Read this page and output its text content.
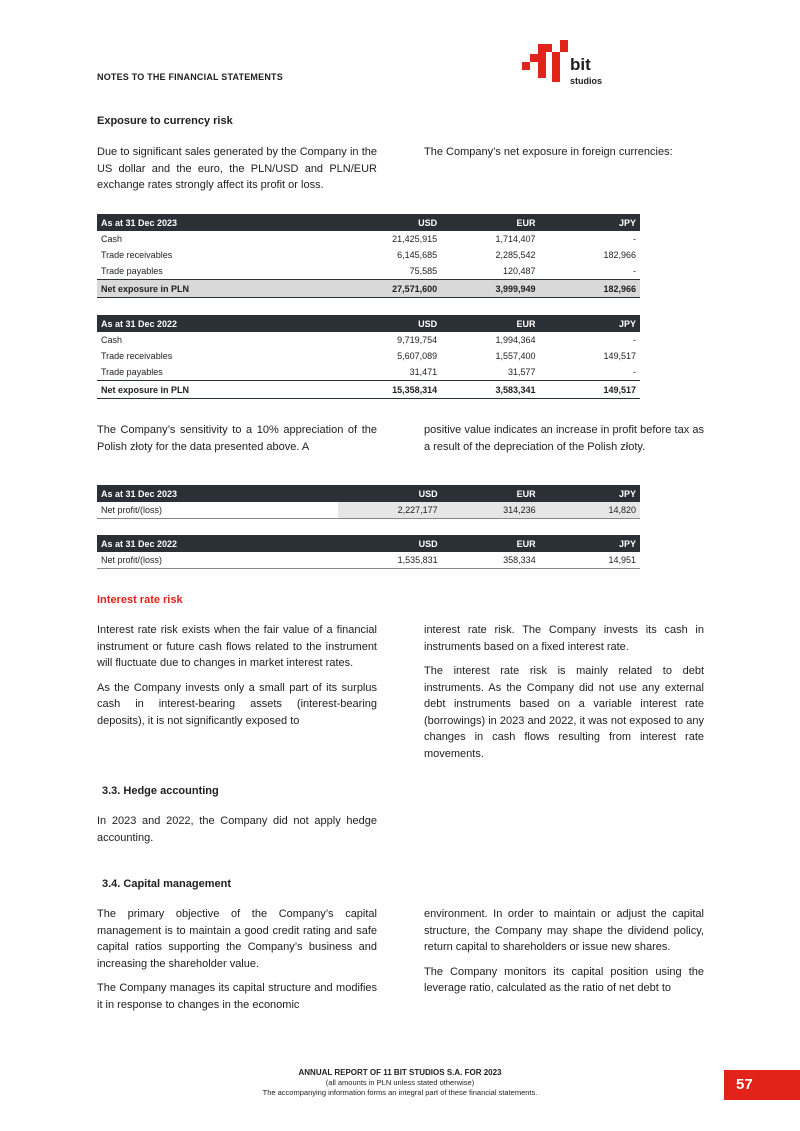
NOTES TO THE FINANCIAL STATEMENTS
bit
studios
Exposure to currency risk

Due to significant sales generated by the Company in the US dollar and the euro, the PLN/USD and PLN/EUR exchange rates strongly affect its profit or loss.

The Company’s net exposure in foreign currencies:

As at 31 Dec 2023	USD	EUR	JPY
Cash	21,425,915	1,714,407	-
Trade receivables	6,145,685	2,285,542	182,966
Trade payables	75,585	120,487	-
Net exposure in PLN	27,571,600	3,999,949	182,966
As at 31 Dec 2022	USD	EUR	JPY
Cash	9,719,754	1,994,364	-
Trade receivables	5,607,089	1,557,400	149,517
Trade payables	31,471	31,577	-
Net exposure in PLN	15,358,314	3,583,341	149,517

The Company’s sensitivity to a 10% appreciation of the Polish złoty for the data presented above. A

positive value indicates an increase in profit before tax as a result of the depreciation of the Polish złoty.

As at 31 Dec 2023	USD	EUR	JPY
Net profit/(loss)	2,227,177	314,236	14,820
As at 31 Dec 2022	USD	EUR	JPY
Net profit/(loss)	1,535,831	358,334	14,951
Interest rate risk

Interest rate risk exists when the fair value of a financial instrument or future cash flows related to the instrument will fluctuate due to changes in market interest rates.

As the Company invests only a small part of its surplus cash in interest-bearing assets (interest-bearing deposits), it is not significantly exposed to

interest rate risk. The Company invests its cash in instruments based on a fixed interest rate.

The interest rate risk is mainly related to debt instruments. As the Company did not use any external debt instruments based on a variable interest rate (borrowings) in 2023 and 2022, it was not exposed to any changes in cash flows resulting from interest rate movements.

3.3. Hedge accounting

In 2023 and 2022, the Company did not apply hedge accounting.

3.4. Capital management

The primary objective of the Company’s capital management is to maintain a good credit rating and safe capital ratios supporting the Company’s business and increasing the shareholder value.

The Company manages its capital structure and modifies it in response to changes in the economic

environment. In order to maintain or adjust the capital structure, the Company may shape the dividend policy, return capital to shareholders or issue new shares.

The Company monitors its capital position using the leverage ratio, calculated as the ratio of net debt to

ANNUAL REPORT OF 11 BIT STUDIOS S.A. FOR 2023
(all amounts in PLN unless stated otherwise)
The accompanying information forms an integral part of these financial statements.	57
